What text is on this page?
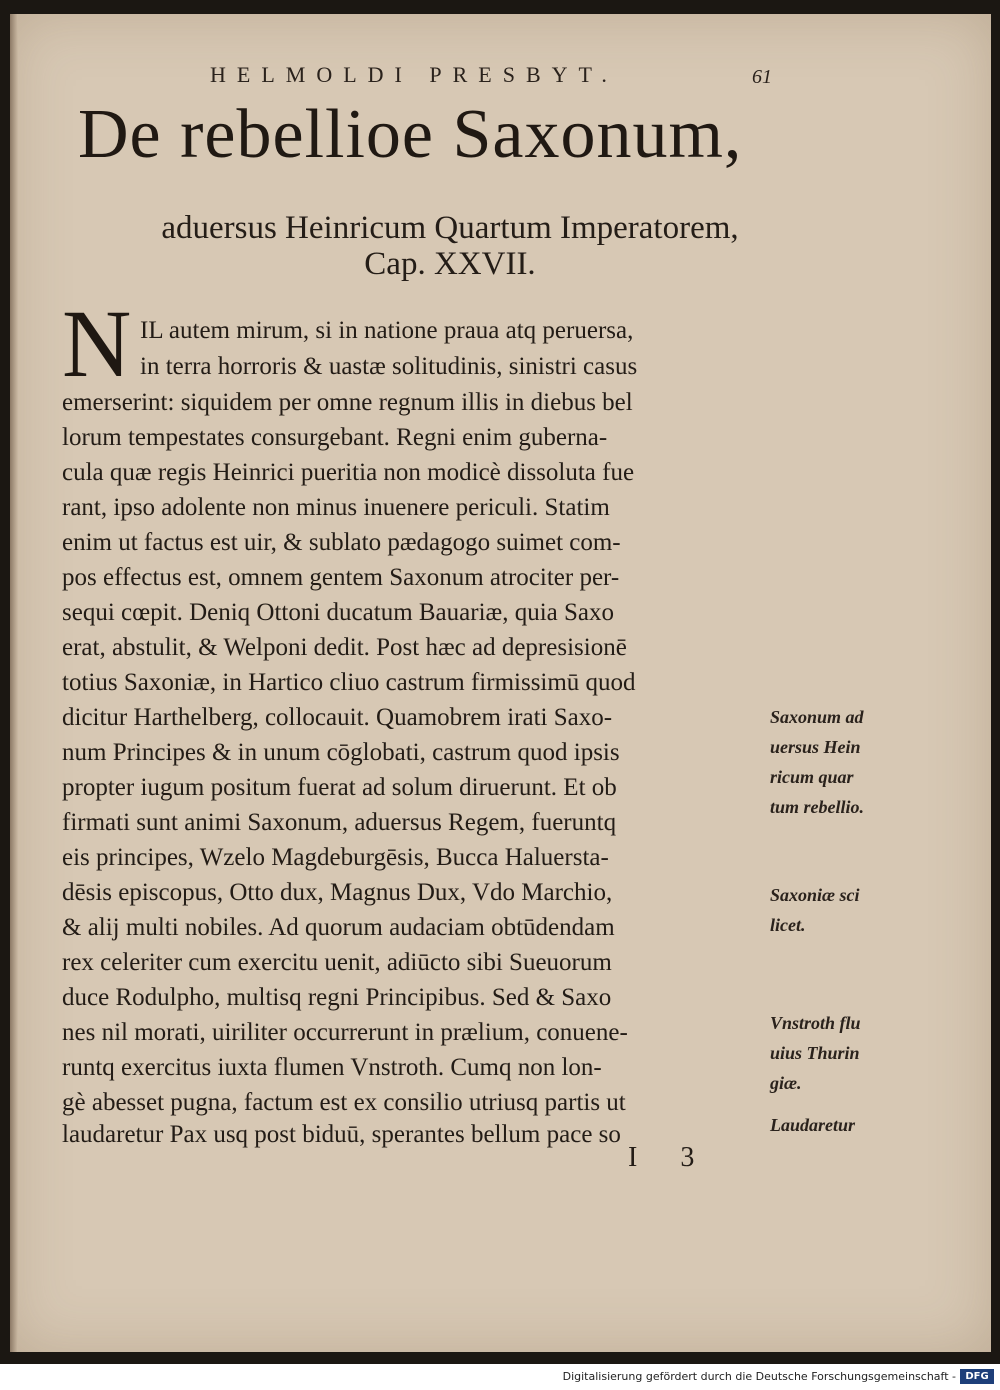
HELMOLDI PRESBYT.	61
De rebellioe Saxonum,
aduersus Heinricum Quartum Imperatorem,
Cap. XXVII.
N IL autem mirum, si in natione praua atq peruersa,
in terra horroris & uastæ solitudinis, sinistri casus
emerserint: siquidem per omne regnum illis in diebus bel
lorum tempestates consurgebant. Regni enim guberna-
cula quæ regis Heinrici pueritia non modicè dissoluta fue
rant, ipso adolente non minus inuenere periculi. Statim
enim ut factus est uir, & sublato pædagogo suimet com-
pos effectus est, omnem gentem Saxonum atrociter per-
sequi cœpit. Deniq Ottoni ducatum Bauariæ, quia Saxo
erat, abstulit, & Welponi dedit. Post hæc ad depresisionē
totius Saxoniæ, in Hartico cliuo castrum firmissimū quod
dicitur Harthelberg, collocauit. Quamobrem irati Saxo-
num Principes & in unum cōglobati, castrum quod ipsis
propter iugum positum fuerat ad solum diruerunt. Et ob
firmati sunt animi Saxonum, aduersus Regem, fueruntq
eis principes, Wzelo Magdeburgēsis, Bucca Haluersta-
dēsis episcopus, Otto dux, Magnus Dux, Vdo Marchio,
& alij multi nobiles. Ad quorum audaciam obtūdendam
rex celeriter cum exercitu uenit, adiūcto sibi Sueuorum
duce Rodulpho, multisq regni Principibus. Sed & Saxo
nes nil morati, uiriliter occurrerunt in prælium, conuene-
runtq exercitus iuxta flumen Vnstroth. Cumq non lon-
gè abesset pugna, factum est ex consilio utriusq partis ut
laudaretur Pax usq post biduū, sperantes bellum pace so
Saxonum ad
uersus Hein
ricum quar
tum rebellio.
Saxoniæ sci
licet.
Vnstroth flu
uius Thurin
giæ.
Laudaretur
I 3
Digitalisierung gefördert durch die Deutsche Forschungsgemeinschaft - DFG
